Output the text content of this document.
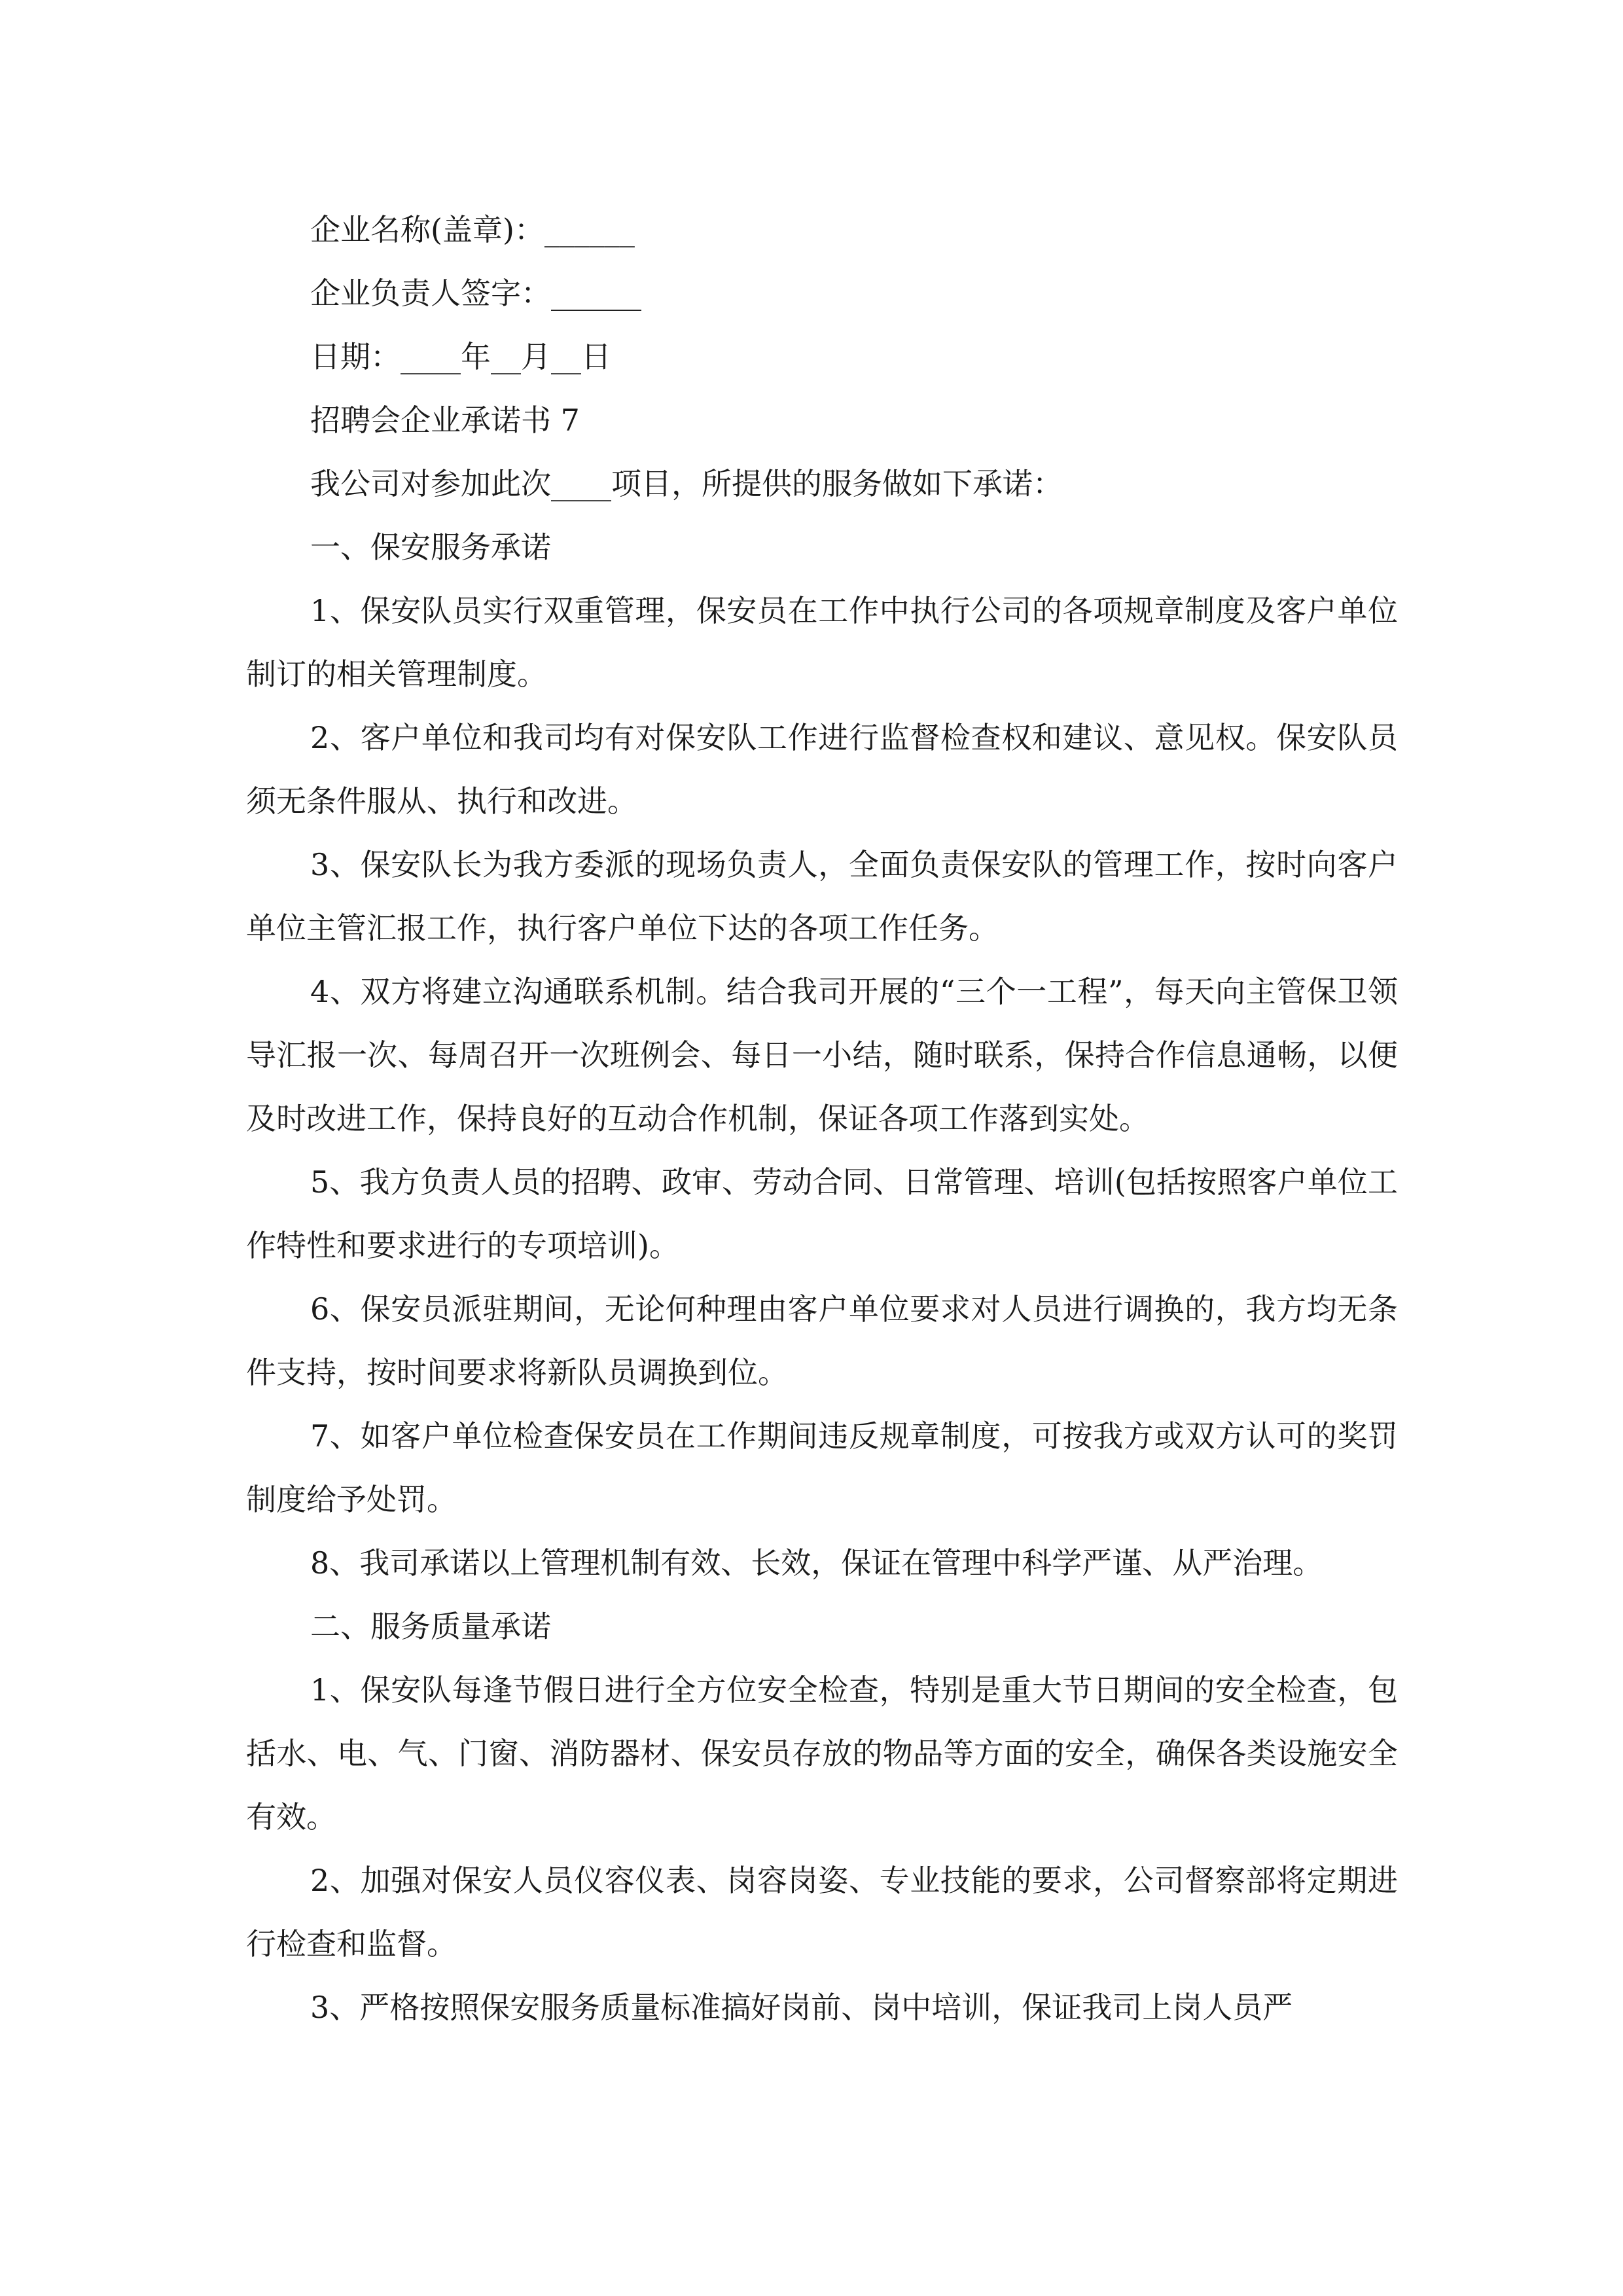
企业名称(盖章)：______

企业负责人签字：______

日期：____年__月__日

招聘会企业承诺书 7

我公司对参加此次____项目，所提供的服务做如下承诺：

一、保安服务承诺

1、保安队员实行双重管理，保安员在工作中执行公司的各项规章制度及客户单位制订的相关管理制度。

2、客户单位和我司均有对保安队工作进行监督检查权和建议、意见权。保安队员须无条件服从、执行和改进。

3、保安队长为我方委派的现场负责人，全面负责保安队的管理工作，按时向客户单位主管汇报工作，执行客户单位下达的各项工作任务。

4、双方将建立沟通联系机制。结合我司开展的“三个一工程”，每天向主管保卫领导汇报一次、每周召开一次班例会、每日一小结，随时联系，保持合作信息通畅，以便及时改进工作，保持良好的互动合作机制，保证各项工作落到实处。

5、我方负责人员的招聘、政审、劳动合同、日常管理、培训(包括按照客户单位工作特性和要求进行的专项培训)。

6、保安员派驻期间，无论何种理由客户单位要求对人员进行调换的，我方均无条件支持，按时间要求将新队员调换到位。

7、如客户单位检查保安员在工作期间违反规章制度，可按我方或双方认可的奖罚制度给予处罚。

8、我司承诺以上管理机制有效、长效，保证在管理中科学严谨、从严治理。

二、服务质量承诺

1、保安队每逢节假日进行全方位安全检查，特别是重大节日期间的安全检查，包括水、电、气、门窗、消防器材、保安员存放的物品等方面的安全，确保各类设施安全有效。

2、加强对保安人员仪容仪表、岗容岗姿、专业技能的要求，公司督察部将定期进行检查和监督。

3、严格按照保安服务质量标准搞好岗前、岗中培训，保证我司上岗人员严
